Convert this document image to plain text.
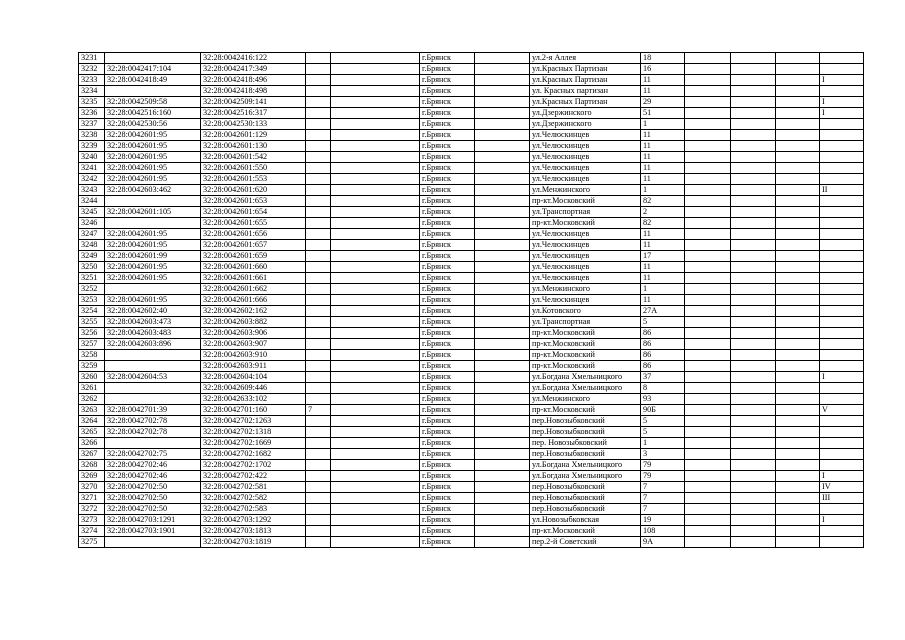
3231		32:28:0042416:122			г.Брянск		ул.2-я Аллея	18				
3232	32:28:0042417:104	32:28:0042417:349			г.Брянск		ул.Красных Партизан	16				
3233	32:28:0042418:49	32:28:0042418:496			г.Брянск		ул.Красных Партизан	11				I
3234		32:28:0042418:498			г.Брянск		ул. Красных партизан	11				
3235	32:28:0042509:58	32:28:0042509:141			г.Брянск		ул.Красных Партизан	29				I
3236	32:28:0042516:160	32:28:0042516:317			г.Брянск		ул.Дзержинского	51				I
3237	32:28:0042530:56	32:28:0042530:133			г.Брянск		ул.Дзержинского	1				
3238	32:28:0042601:95	32:28:0042601:129			г.Брянск		ул.Челюскинцев	11				
3239	32:28:0042601:95	32:28:0042601:130			г.Брянск		ул.Челюскинцев	11				
3240	32:28:0042601:95	32:28:0042601:542			г.Брянск		ул.Челюскинцев	11				
3241	32:28:0042601:95	32:28:0042601:550			г.Брянск		ул.Челюскинцев	11				
3242	32:28:0042601:95	32:28:0042601:553			г.Брянск		ул.Челюскинцев	11				
3243	32:28:0042603:462	32:28:0042601:620			г.Брянск		ул.Менжинского	1				II
3244		32:28:0042601:653			г.Брянск		пр-кт.Московский	82				
3245	32:28:0042601:105	32:28:0042601:654			г.Брянск		ул.Транспортная	2				
3246		32:28:0042601:655			г.Брянск		пр-кт.Московский	82				
3247	32:28:0042601:95	32:28:0042601:656			г.Брянск		ул.Челюскинцев	11				
3248	32:28:0042601:95	32:28:0042601:657			г.Брянск		ул.Челюскинцев	11				
3249	32:28:0042601:99	32:28:0042601:659			г.Брянск		ул.Челюскинцев	17				
3250	32:28:0042601:95	32:28:0042601:660			г.Брянск		ул.Челюскинцев	11				
3251	32:28:0042601:95	32:28:0042601:661			г.Брянск		ул.Челюскинцев	11				
3252		32:28:0042601:662			г.Брянск		ул.Менжинского	1				
3253	32:28:0042601:95	32:28:0042601:666			г.Брянск		ул.Челюскинцев	11				
3254	32:28:0042602:40	32:28:0042602:162			г.Брянск		ул.Котовского	27А				
3255	32:28:0042603:473	32:28:0042603:882			г.Брянск		ул.Транспортная	5				
3256	32:28:0042603:483	32:28:0042603:906			г.Брянск		пр-кт.Московский	86				
3257	32:28:0042603:896	32:28:0042603:907			г.Брянск		пр-кт.Московский	86				
3258		32:28:0042603:910			г.Брянск		пр-кт.Московский	86				
3259		32:28:0042603:911			г.Брянск		пр-кт.Московский	86				
3260	32:28:0042604:53	32:28:0042604:104			г.Брянск		ул.Богдана Хмельницкого	37				I
3261		32:28:0042609:446			г.Брянск		ул.Богдана Хмельницкого	8				
3262		32:28:0042633:102			г.Брянск		ул.Менжинского	93				
3263	32:28:0042701:39	32:28:0042701:160	7		г.Брянск		пр-кт.Московский	90Б				V
3264	32:28:0042702:78	32:28:0042702:1263			г.Брянск		пер.Новозыбковский	5				
3265	32:28:0042702:78	32:28:0042702:1318			г.Брянск		пер.Новозыбковский	5				
3266		32:28:0042702:1669			г.Брянск		пер. Новозыбковский	1				
3267	32:28:0042702:75	32:28:0042702:1682			г.Брянск		пер.Новозыбковский	3				
3268	32:28:0042702:46	32:28:0042702:1702			г.Брянск		ул.Богдана Хмельницкого	79				
3269	32:28:0042702:46	32:28:0042702:422			г.Брянск		ул.Богдана Хмельницкого	79				I
3270	32:28:0042702:50	32:28:0042702:581			г.Брянск		пер.Новозыбковский	7				IV
3271	32:28:0042702:50	32:28:0042702:582			г.Брянск		пер.Новозыбковский	7				III
3272	32:28:0042702:50	32:28:0042702:583			г.Брянск		пер.Новозыбковский	7				
3273	32:28:0042703:1291	32:28:0042703:1292			г.Брянск		ул.Новозыбковская	19				I
3274	32:28:0042703:1901	32:28:0042703:1813			г.Брянск		пр-кт.Московский	108				
3275		32:28:0042703:1819			г.Брянск		пер.2-й Советский	9А				
